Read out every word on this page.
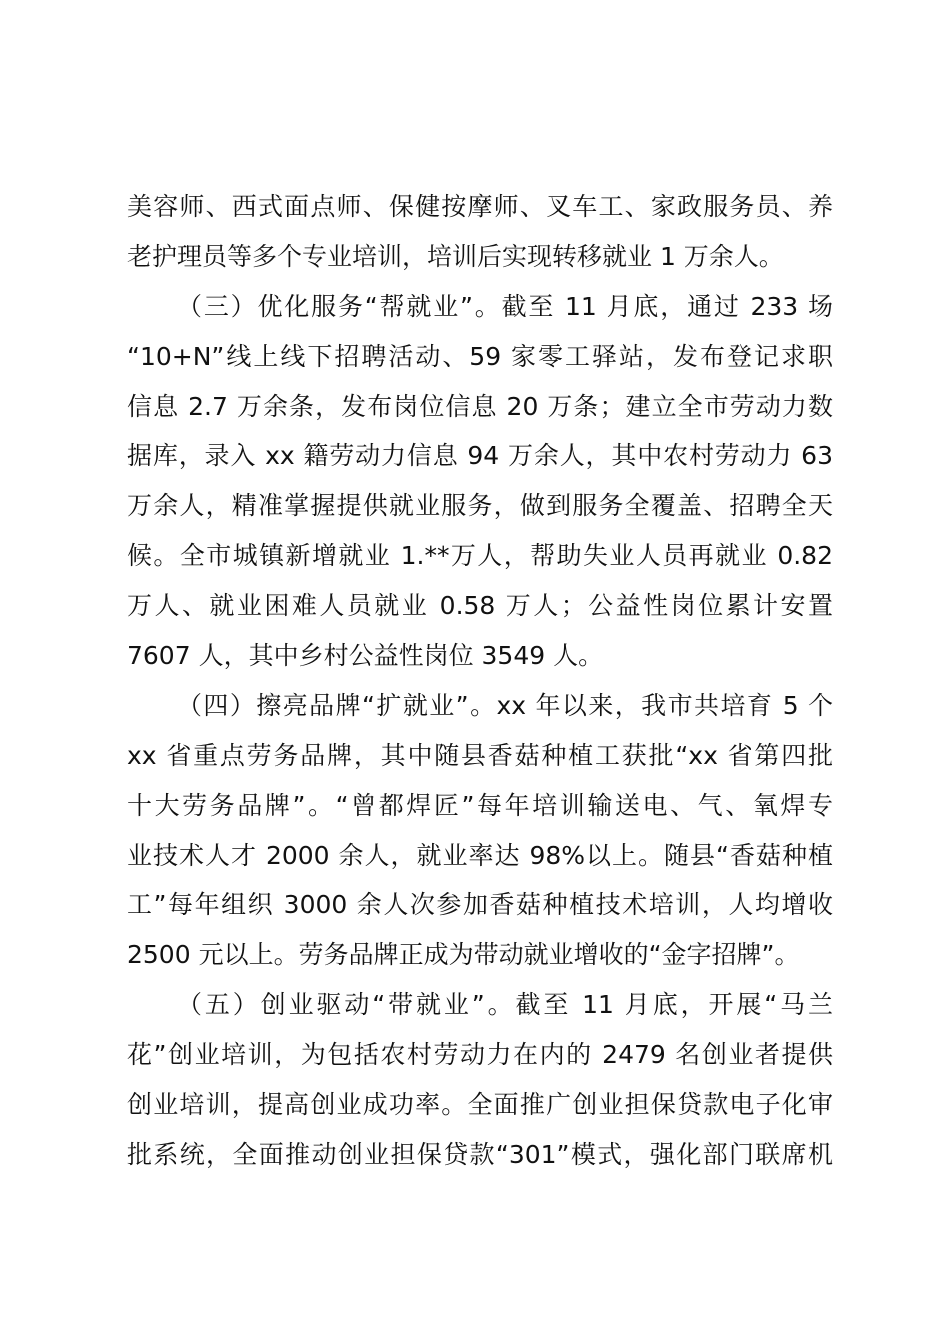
美容师、西式面点师、保健按摩师、叉车工、家政服务员、养
老护理员等多个专业培训，培训后实现转移就业 1 万余人。
（三）优化服务“帮就业”。截至 11 月底，通过 233 场
“10+N”线上线下招聘活动、59 家零工驿站，发布登记求职
信息 2.7 万余条，发布岗位信息 20 万条；建立全市劳动力数
据库，录入 xx 籍劳动力信息 94 万余人，其中农村劳动力 63
万余人，精准掌握提供就业服务，做到服务全覆盖、招聘全天
候。全市城镇新增就业 1.**万人，帮助失业人员再就业 0.82
万人、就业困难人员就业 0.58 万人；公益性岗位累计安置
7607 人，其中乡村公益性岗位 3549 人。
（四）擦亮品牌“扩就业”。xx 年以来，我市共培育 5 个
xx 省重点劳务品牌，其中随县香菇种植工获批“xx 省第四批
十大劳务品牌”。“曾都焊匠”每年培训输送电、气、氧焊专
业技术人才 2000 余人，就业率达 98%以上。随县“香菇种植
工”每年组织 3000 余人次参加香菇种植技术培训，人均增收
2500 元以上。劳务品牌正成为带动就业增收的“金字招牌”。
（五）创业驱动“带就业”。截至 11 月底，开展“马兰
花”创业培训，为包括农村劳动力在内的 2479 名创业者提供
创业培训，提高创业成功率。全面推广创业担保贷款电子化审
批系统，全面推动创业担保贷款“301”模式，强化部门联席机
